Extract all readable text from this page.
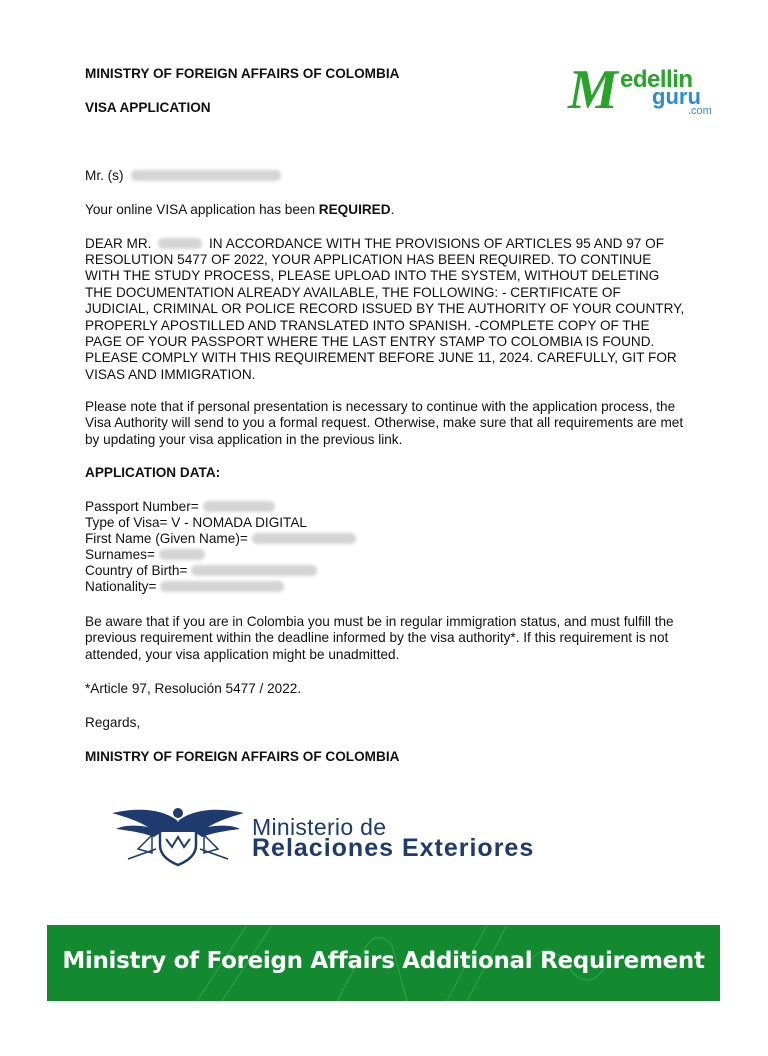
MINISTRY OF FOREIGN AFFAIRS OF COLOMBIA
VISA APPLICATION	M edellin
guru
.com
Mr. (s)
Your online VISA application has been REQUIRED.
DEAR MR.	IN ACCORDANCE WITH THE PROVISIONS OF ARTICLES 95 AND 97 OF
RESOLUTION 5477 OF 2022, YOUR APPLICATION HAS BEEN REQUIRED. TO CONTINUE WITH THE STUDY PROCESS, PLEASE UPLOAD INTO THE SYSTEM, WITHOUT DELETING THE DOCUMENTATION ALREADY AVAILABLE, THE FOLLOWING: - CERTIFICATE OF JUDICIAL, CRIMINAL OR POLICE RECORD ISSUED BY THE AUTHORITY OF YOUR COUNTRY, PROPERLY APOSTILLED AND TRANSLATED INTO SPANISH. -COMPLETE COPY OF THE PAGE OF YOUR PASSPORT WHERE THE LAST ENTRY STAMP TO COLOMBIA IS FOUND. PLEASE COMPLY WITH THIS REQUIREMENT BEFORE JUNE 11, 2024. CAREFULLY, GIT FOR VISAS AND IMMIGRATION.
Please note that if personal presentation is necessary to continue with the application process, the Visa Authority will send to you a formal request. Otherwise, make sure that all requirements are met by updating your visa application in the previous link.
APPLICATION DATA:
Passport Number=
Type of Visa= V - NOMADA DIGITAL
First Name (Given Name)=
Surnames=
Country of Birth=
Nationality=
Be aware that if you are in Colombia you must be in regular immigration status, and must fulfill the previous requirement within the deadline informed by the visa authority*. If this requirement is not attended, your visa application might be unadmitted.
*Article 97, Resolución 5477 / 2022.
Regards,
MINISTRY OF FOREIGN AFFAIRS OF COLOMBIA
Ministerio de
Relaciones Exteriores
Ministry of Foreign Affairs Additional Requirement
